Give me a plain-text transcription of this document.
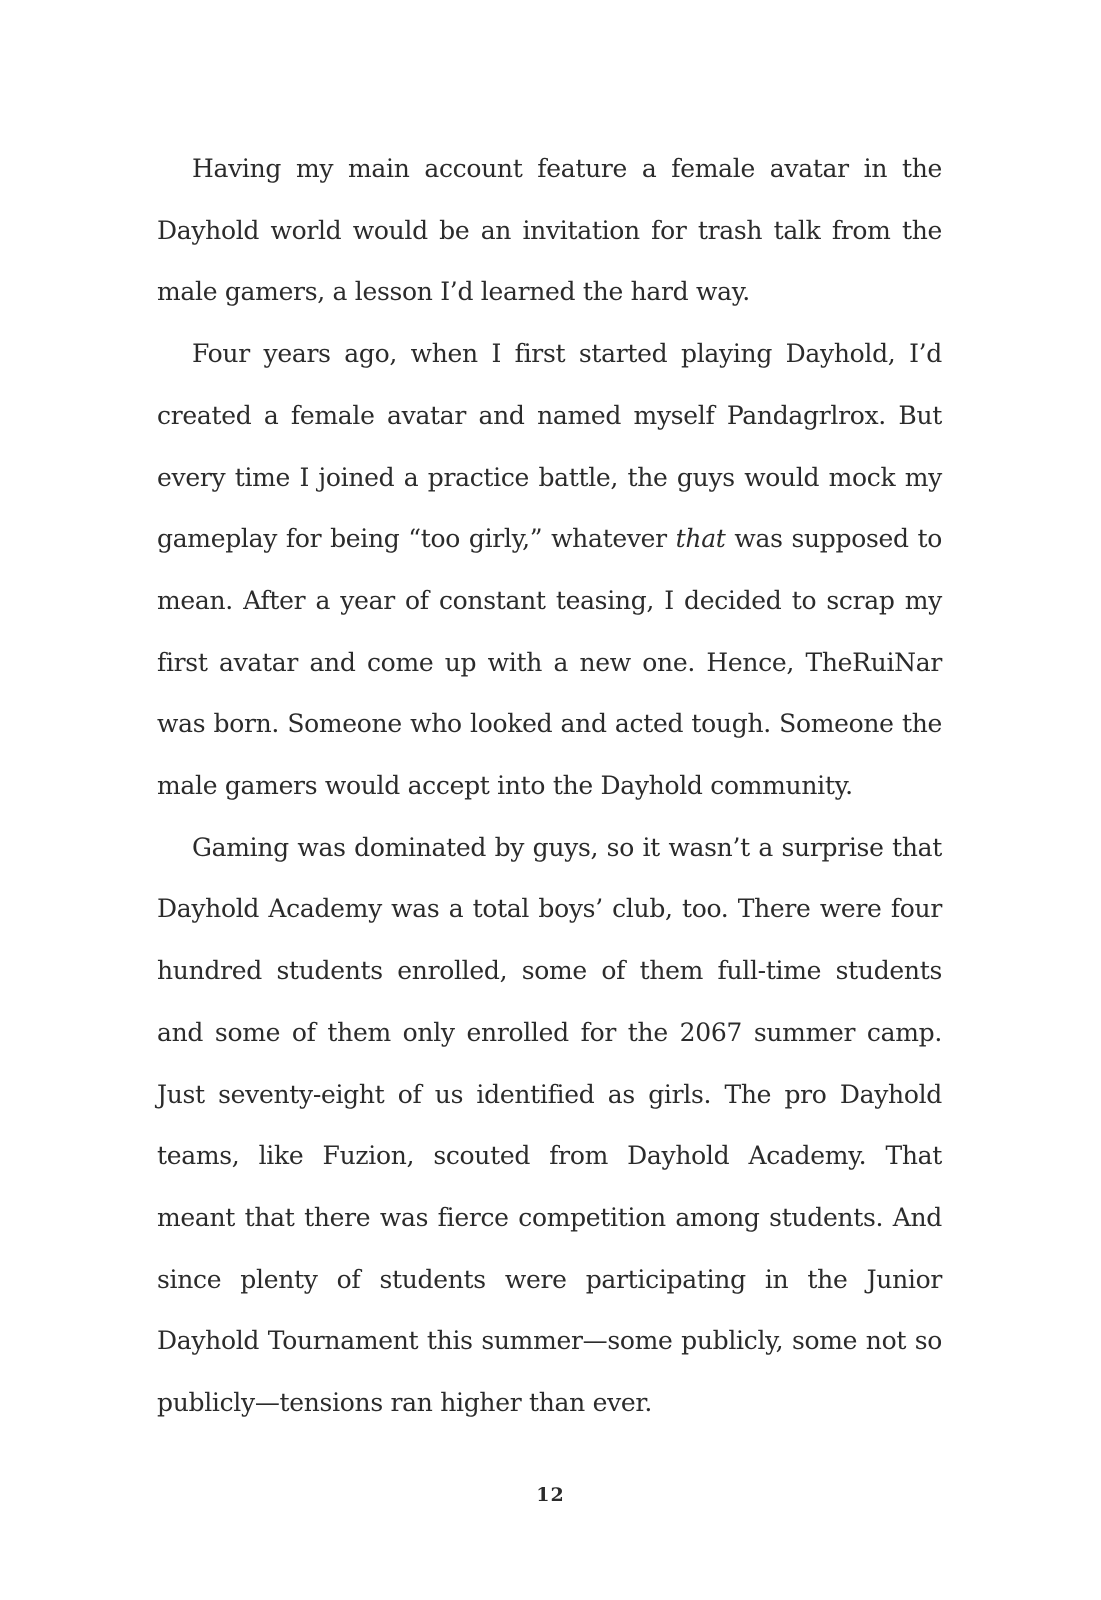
Having my main account feature a female avatar in the Dayhold world would be an invitation for trash talk from the male gamers, a lesson I’d learned the hard way.

Four years ago, when I first started playing Dayhold, I’d created a female avatar and named myself Pandagrlrox. But every time I joined a practice battle, the guys would mock my gameplay for being “too girly,” whatever that was supposed to mean. After a year of constant teasing, I decided to scrap my first avatar and come up with a new one. Hence, TheRuiNar was born. Someone who looked and acted tough. Someone the male gamers would accept into the Dayhold community.

Gaming was dominated by guys, so it wasn’t a surprise that Dayhold Academy was a total boys’ club, too. There were four hundred students enrolled, some of them full-time students and some of them only enrolled for the 2067 summer camp. Just seventy-eight of us identified as girls. The pro Dayhold teams, like Fuzion, scouted from Dayhold Academy. That meant that there was fierce competition among students. And since plenty of students were participating in the Junior Dayhold Tournament this summer—some publicly, some not so publicly—tensions ran higher than ever.

12
